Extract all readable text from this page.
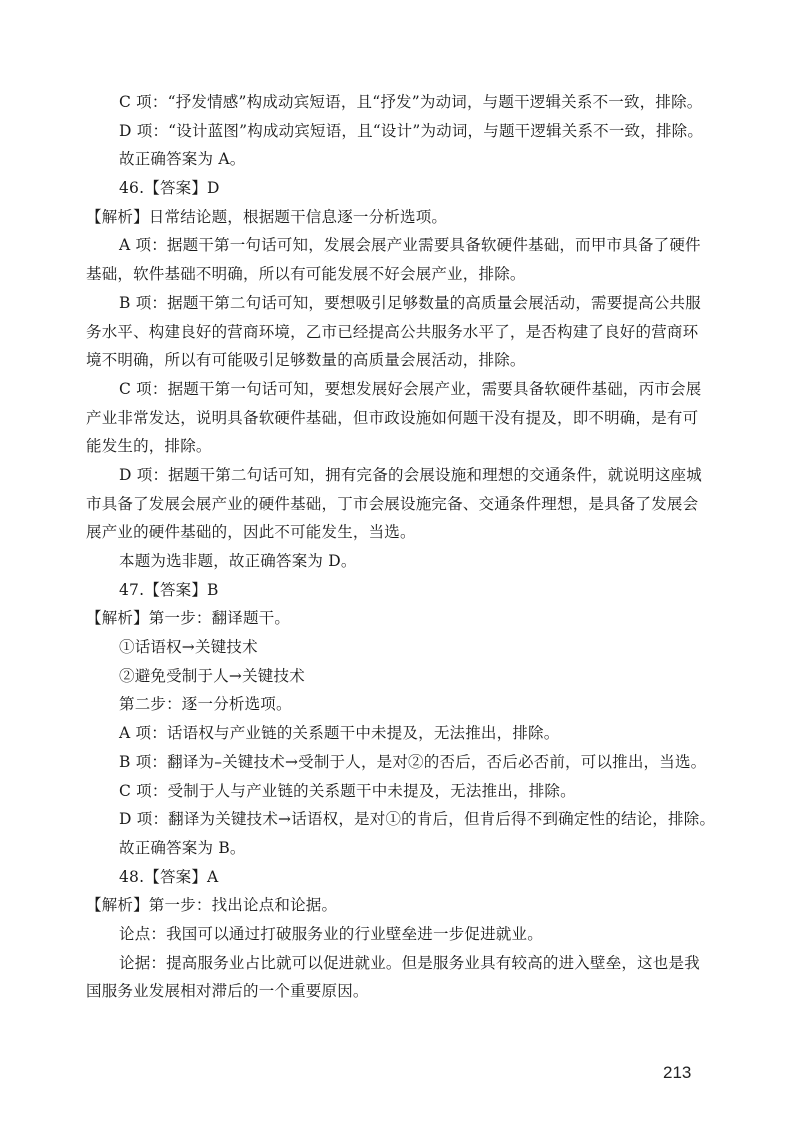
C 项：“抒发情感”构成动宾短语，且“抒发”为动词，与题干逻辑关系不一致，排除。
D 项：“设计蓝图”构成动宾短语，且“设计”为动词，与题干逻辑关系不一致，排除。
故正确答案为 A。
46.【答案】D
【解析】日常结论题，根据题干信息逐一分析选项。
A 项：据题干第一句话可知，发展会展产业需要具备软硬件基础，而甲市具备了硬件
基础，软件基础不明确，所以有可能发展不好会展产业，排除。
B 项：据题干第二句话可知，要想吸引足够数量的高质量会展活动，需要提高公共服
务水平、构建良好的营商环境，乙市已经提高公共服务水平了，是否构建了良好的营商环
境不明确，所以有可能吸引足够数量的高质量会展活动，排除。
C 项：据题干第一句话可知，要想发展好会展产业，需要具备软硬件基础，丙市会展
产业非常发达，说明具备软硬件基础，但市政设施如何题干没有提及，即不明确，是有可
能发生的，排除。
D 项：据题干第二句话可知，拥有完备的会展设施和理想的交通条件，就说明这座城
市具备了发展会展产业的硬件基础，丁市会展设施完备、交通条件理想，是具备了发展会
展产业的硬件基础的，因此不可能发生，当选。
本题为选非题，故正确答案为 D。
47.【答案】B
【解析】第一步：翻译题干。
①话语权→关键技术
②避免受制于人→关键技术
第二步：逐一分析选项。
A 项：话语权与产业链的关系题干中未提及，无法推出，排除。
B 项：翻译为–关键技术→受制于人，是对②的否后，否后必否前，可以推出，当选。
C 项：受制于人与产业链的关系题干中未提及，无法推出，排除。
D 项：翻译为关键技术→话语权，是对①的肯后，但肯后得不到确定性的结论，排除。
故正确答案为 B。
48.【答案】A
【解析】第一步：找出论点和论据。
论点：我国可以通过打破服务业的行业壁垒进一步促进就业。
论据：提高服务业占比就可以促进就业。但是服务业具有较高的进入壁垒，这也是我
国服务业发展相对滞后的一个重要原因。
213
